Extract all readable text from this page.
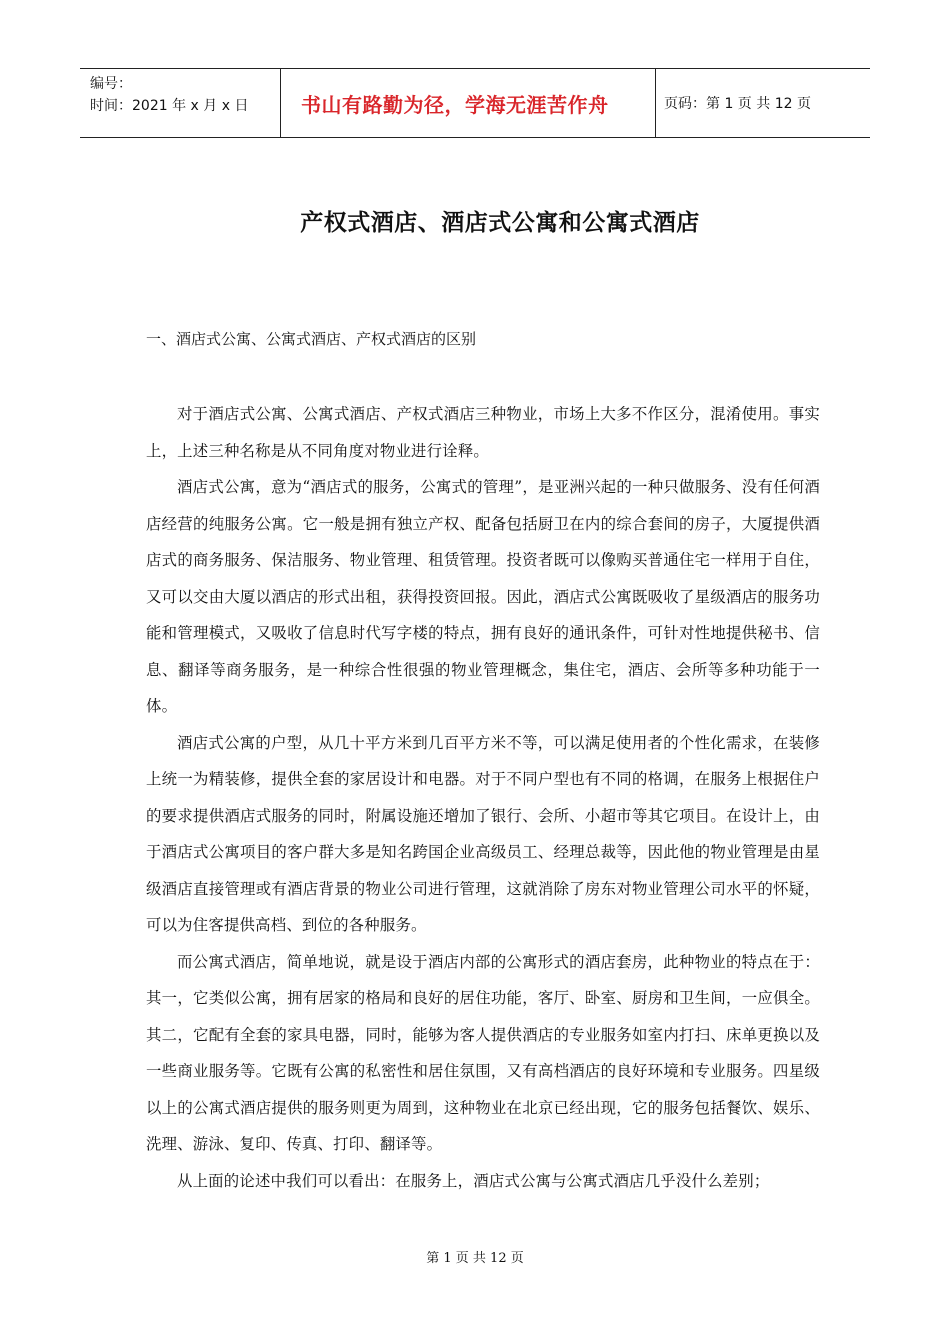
编号：
时间：2021 年 x 月 x 日	书山有路勤为径，学海无涯苦作舟	页码：第 1 页 共 12 页
产权式酒店、酒店式公寓和公寓式酒店
一、酒店式公寓、公寓式酒店、产权式酒店的区别

对于酒店式公寓、公寓式酒店、产权式酒店三种物业，市场上大多不作区分，混淆使用。事实上，上述三种名称是从不同角度对物业进行诠释。

酒店式公寓，意为“酒店式的服务，公寓式的管理”，是亚洲兴起的一种只做服务、没有任何酒店经营的纯服务公寓。它一般是拥有独立产权、配备包括厨卫在内的综合套间的房子，大厦提供酒店式的商务服务、保洁服务、物业管理、租赁管理。投资者既可以像购买普通住宅一样用于自住，又可以交由大厦以酒店的形式出租，获得投资回报。因此，酒店式公寓既吸收了星级酒店的服务功能和管理模式，又吸收了信息时代写字楼的特点，拥有良好的通讯条件，可针对性地提供秘书、信息、翻译等商务服务，是一种综合性很强的物业管理概念，集住宅，酒店、会所等多种功能于一体。

酒店式公寓的户型，从几十平方米到几百平方米不等，可以满足使用者的个性化需求，在装修上统一为精装修，提供全套的家居设计和电器。对于不同户型也有不同的格调，在服务上根据住户的要求提供酒店式服务的同时，附属设施还增加了银行、会所、小超市等其它项目。在设计上，由于酒店式公寓项目的客户群大多是知名跨国企业高级员工、经理总裁等，因此他的物业管理是由星级酒店直接管理或有酒店背景的物业公司进行管理，这就消除了房东对物业管理公司水平的怀疑，可以为住客提供高档、到位的各种服务。

而公寓式酒店，简单地说，就是设于酒店内部的公寓形式的酒店套房，此种物业的特点在于：其一，它类似公寓，拥有居家的格局和良好的居住功能，客厅、卧室、厨房和卫生间，一应俱全。其二，它配有全套的家具电器，同时，能够为客人提供酒店的专业服务如室内打扫、床单更换以及一些商业服务等。它既有公寓的私密性和居住氛围，又有高档酒店的良好环境和专业服务。四星级以上的公寓式酒店提供的服务则更为周到，这种物业在北京已经出现，它的服务包括餐饮、娱乐、洗理、游泳、复印、传真、打印、翻译等。

从上面的论述中我们可以看出：在服务上，酒店式公寓与公寓式酒店几乎没什么差别；

第 1 页 共 12 页
